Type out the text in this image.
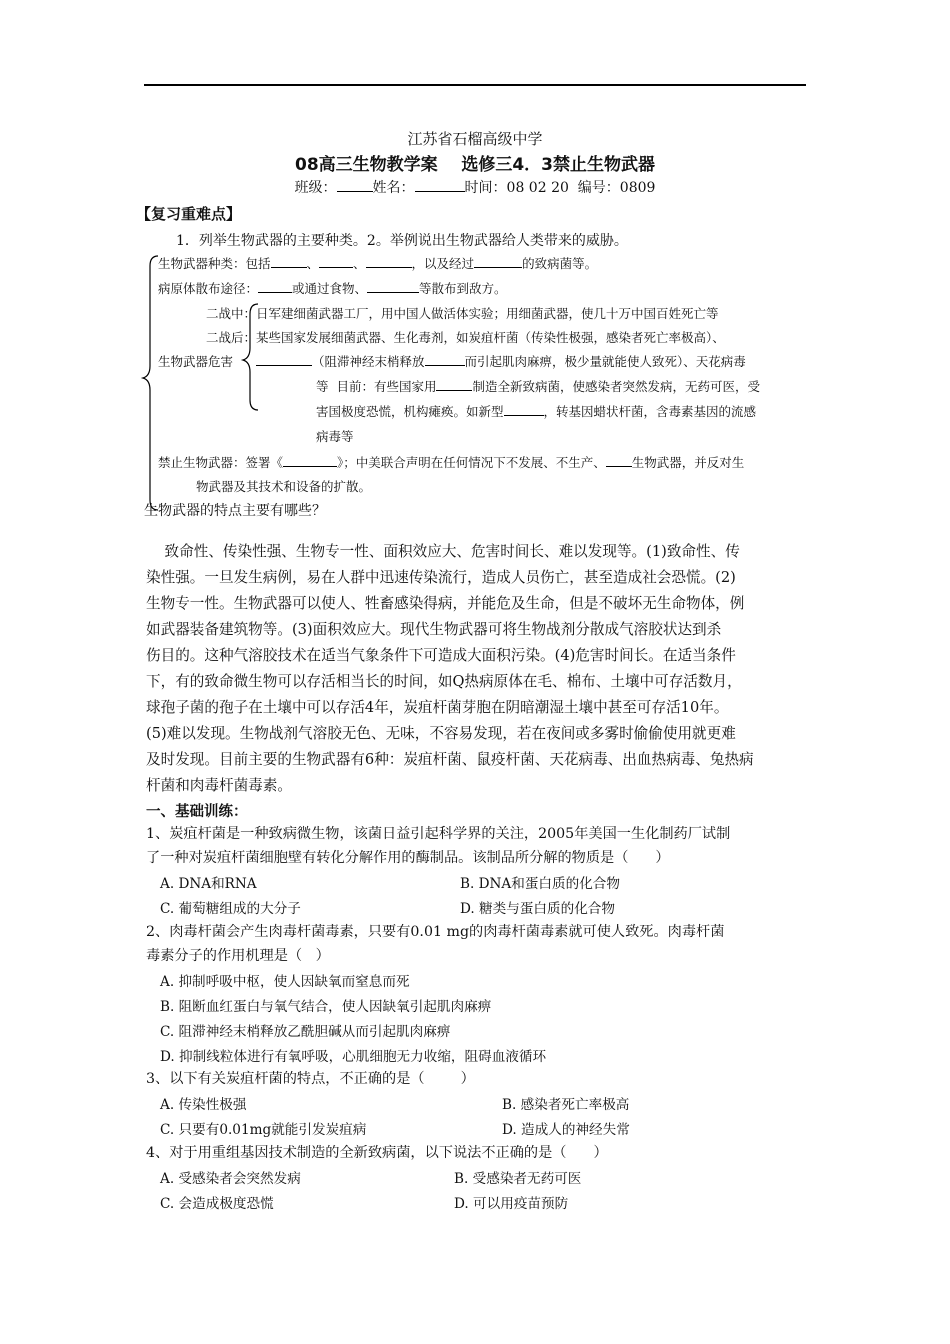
江苏省石榴高级中学
08高三生物教学案    选修三4．3禁止生物武器
班级：	姓名：	时间：08 02 20 编号：0809
【复习重难点】
1．列举生物武器的主要种类。2。举例说出生物武器给人类带来的威胁。
生物武器种类：包括	、	、	，以及经过	的致病菌等。
病原体散布途径：	或通过食物、	等散布到敌方。
二战中：日军建细菌武器工厂，用中国人做活体实验；用细菌武器，使几十万中国百姓死亡等
二战后：某些国家发展细菌武器、生化毒剂，如炭疽杆菌（传染性极强，感染者死亡率极高）、
生物武器危害	（阻滞神经末梢释放	而引起肌肉麻痹，极少量就能使人致死）、天花病毒
等  目前：有些国家用	制造全新致病菌，使感染者突然发病，无药可医，受
害国极度恐慌，机构瘫痪。如新型	，转基因蜡状杆菌，含毒素基因的流感
病毒等
禁止生物武器：签署《	》；中美联合声明在任何情况下不发展、不生产、 生物武器，并反对生
物武器及其技术和设备的扩散。
生物武器的特点主要有哪些？
致命性、传染性强、生物专一性、面积效应大、危害时间长、难以发现等。(1)致命性、传
染性强。一旦发生病例，易在人群中迅速传染流行，造成人员伤亡，甚至造成社会恐慌。(2)
生物专一性。生物武器可以使人、牲畜感染得病，并能危及生命，但是不破坏无生命物体，例
如武器装备建筑物等。(3)面积效应大。现代生物武器可将生物战剂分散成气溶胶状达到杀
伤目的。这种气溶胶技术在适当气象条件下可造成大面积污染。(4)危害时间长。在适当条件
下，有的致命微生物可以存活相当长的时间，如Q热病原体在毛、棉布、土壤中可存活数月，
球孢子菌的孢子在土壤中可以存活4年，炭疽杆菌芽胞在阴暗潮湿土壤中甚至可存活10年。
(5)难以发现。生物战剂气溶胶无色、无味，不容易发现，若在夜间或多雾时偷偷使用就更难
及时发现。目前主要的生物武器有6种：炭疽杆菌、鼠疫杆菌、天花病毒、出血热病毒、兔热病
杆菌和肉毒杆菌毒素。
一、基础训练：
1、炭疽杆菌是一种致病微生物，该菌日益引起科学界的关注，2005年美国一生化制药厂试制
了一种对炭疽杆菌细胞壁有转化分解作用的酶制品。该制品所分解的物质是（      ）
A. DNA和RNA	B. DNA和蛋白质的化合物
C. 葡萄糖组成的大分子	D. 糖类与蛋白质的化合物
2、肉毒杆菌会产生肉毒杆菌毒素，只要有0.01 mg的肉毒杆菌毒素就可使人致死。肉毒杆菌
毒素分子的作用机理是（   ）
A. 抑制呼吸中枢，使人因缺氧而窒息而死
B. 阻断血红蛋白与氧气结合，使人因缺氧引起肌肉麻痹
C. 阻滞神经末梢释放乙酰胆碱从而引起肌肉麻痹
D. 抑制线粒体进行有氧呼吸，心肌细胞无力收缩，阻碍血液循环
3、以下有关炭疽杆菌的特点，不正确的是（        ）
A. 传染性极强	B. 感染者死亡率极高
C. 只要有0.01mg就能引发炭疽病	D. 造成人的神经失常
4、对于用重组基因技术制造的全新致病菌，以下说法不正确的是（      ）
A. 受感染者会突然发病	B. 受感染者无药可医
C. 会造成极度恐慌	D. 可以用疫苗预防
